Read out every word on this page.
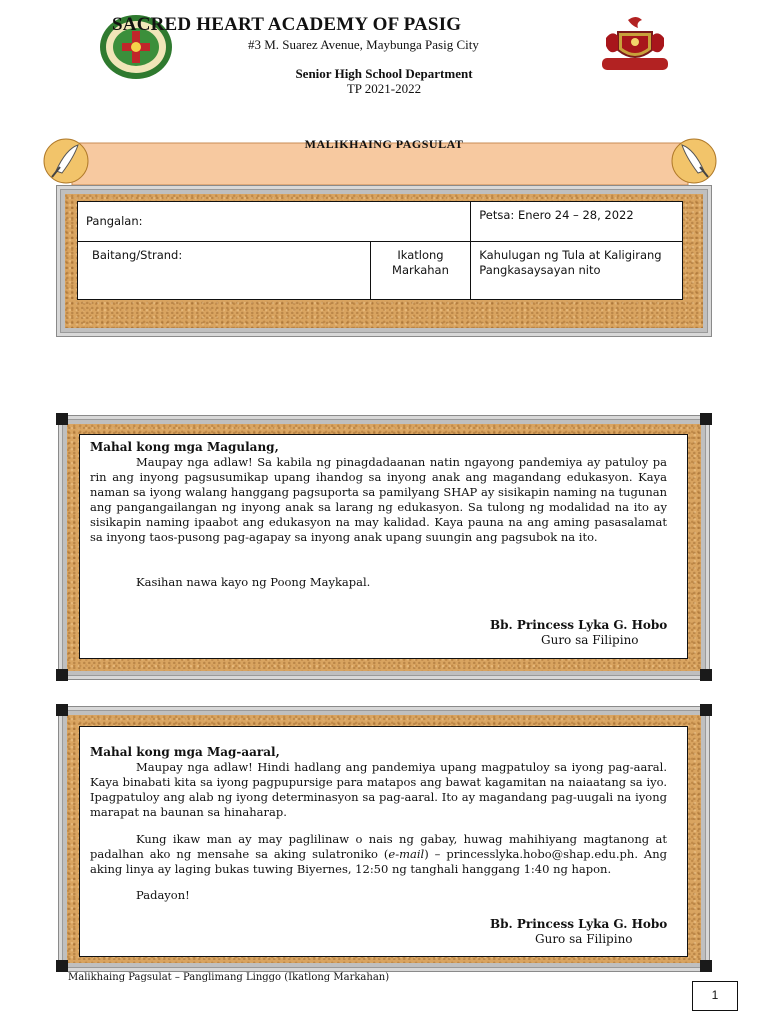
SACRED HEART ACADEMY OF PASIG
#3 M. Suarez Avenue, Maybunga Pasig City
Senior High School Department
TP 2021-2022
MALIKHAING PAGSULAT
Pangalan:		Petsa: Enero 24 – 28, 2022
Baitang/Strand:	Ikatlong Markahan	Kahulugan ng Tula at Kaligirang Pangkasaysayan nito
Mahal kong mga Magulang,
Maupay nga adlaw! Sa kabila ng pinagdadaanan natin ngayong pandemiya ay patuloy pa rin ang inyong pagsusumikap upang ihandog sa inyong anak ang magandang edukasyon. Kaya naman sa iyong walang hanggang pagsuporta sa pamilyang SHAP ay sisikapin naming na tugunan ang pangangailangan ng inyong anak sa larang ng edukasyon. Sa tulong ng modalidad na ito ay sisikapin naming ipaabot ang edukasyon na may kalidad. Kaya pauna na ang aming pasasalamat sa inyong taos-pusong pag-agapay sa inyong anak upang suungin ang pagsubok na ito.
Kasihan nawa kayo ng Poong Maykapal.
Bb. Princess Lyka G. Hobo
Guro sa Filipino
Mahal kong mga Mag-aaral,
Maupay nga adlaw! Hindi hadlang ang pandemiya upang magpatuloy sa iyong pag-aaral. Kaya binabati kita sa iyong pagpupursige para matapos ang bawat kagamitan na naiaatang sa iyo. Ipagpatuloy ang alab ng iyong determinasyon sa pag-aaral. Ito ay magandang pag-uugali na iyong marapat na baunan sa hinaharap.
Kung ikaw man ay may paglilinaw o nais ng gabay, huwag mahihiyang magtanong at padalhan ako ng mensahe sa aking sulatroniko (e-mail) – princesslyka.hobo@shap.edu.ph. Ang aking linya ay laging bukas tuwing Biyernes, 12:50 ng tanghali hanggang 1:40 ng hapon.
Padayon!
Bb. Princess Lyka G. Hobo
Guro sa Filipino
Malikhaing Pagsulat – Panglimang Linggo (Ikatlong Markahan)
1
